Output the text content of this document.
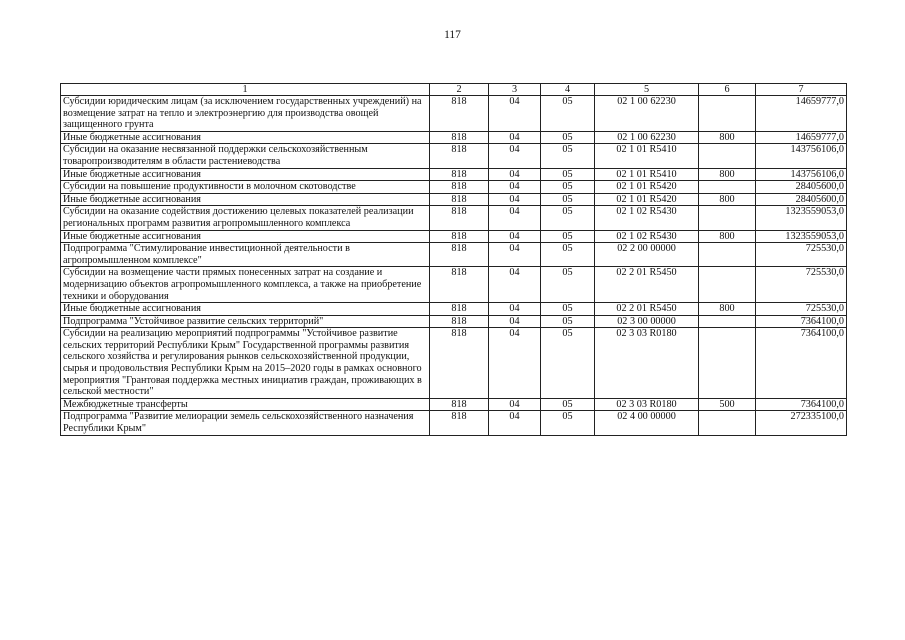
117
1	2	3	4	5	6	7
Субсидии юридическим лицам (за исключением государственных учреждений) на возмещение затрат на тепло и электроэнергию для производства овощей защищенного грунта	818	04	05	02 1 00 62230		14659777,0
Иные бюджетные ассигнования	818	04	05	02 1 00 62230	800	14659777,0
Субсидии на оказание несвязанной поддержки сельскохозяйственным товаропроизводителям в области растениеводства	818	04	05	02 1 01 R5410		143756106,0
Иные бюджетные ассигнования	818	04	05	02 1 01 R5410	800	143756106,0
Субсидии на повышение продуктивности в молочном скотоводстве	818	04	05	02 1 01 R5420		28405600,0
Иные бюджетные ассигнования	818	04	05	02 1 01 R5420	800	28405600,0
Субсидии на оказание содействия достижению целевых показателей реализации региональных программ развития агропромышленного комплекса	818	04	05	02 1 02 R5430		1323559053,0
Иные бюджетные ассигнования	818	04	05	02 1 02 R5430	800	1323559053,0
Подпрограмма "Стимулирование инвестиционной деятельности в агропромышленном комплексе"	818	04	05	02 2 00 00000		725530,0
Субсидии на возмещение части прямых понесенных затрат на создание и модернизацию объектов агропромышленного комплекса, а также на приобретение техники и оборудования	818	04	05	02 2 01 R5450		725530,0
Иные бюджетные ассигнования	818	04	05	02 2 01 R5450	800	725530,0
Подпрограмма "Устойчивое развитие сельских территорий"	818	04	05	02 3 00 00000		7364100,0
Субсидии на реализацию мероприятий подпрограммы "Устойчивое развитие сельских территорий Республики Крым" Государственной программы развития сельского хозяйства и регулирования рынков сельскохозяйственной продукции, сырья и продовольствия Республики Крым на 2015–2020 годы в рамках основного мероприятия "Грантовая поддержка местных инициатив граждан, проживающих в сельской местности"	818	04	05	02 3 03 R0180		7364100,0
Межбюджетные трансферты	818	04	05	02 3 03 R0180	500	7364100,0
Подпрограмма "Развитие мелиорации земель сельскохозяйственного назначения Республики Крым"	818	04	05	02 4 00 00000		272335100,0
